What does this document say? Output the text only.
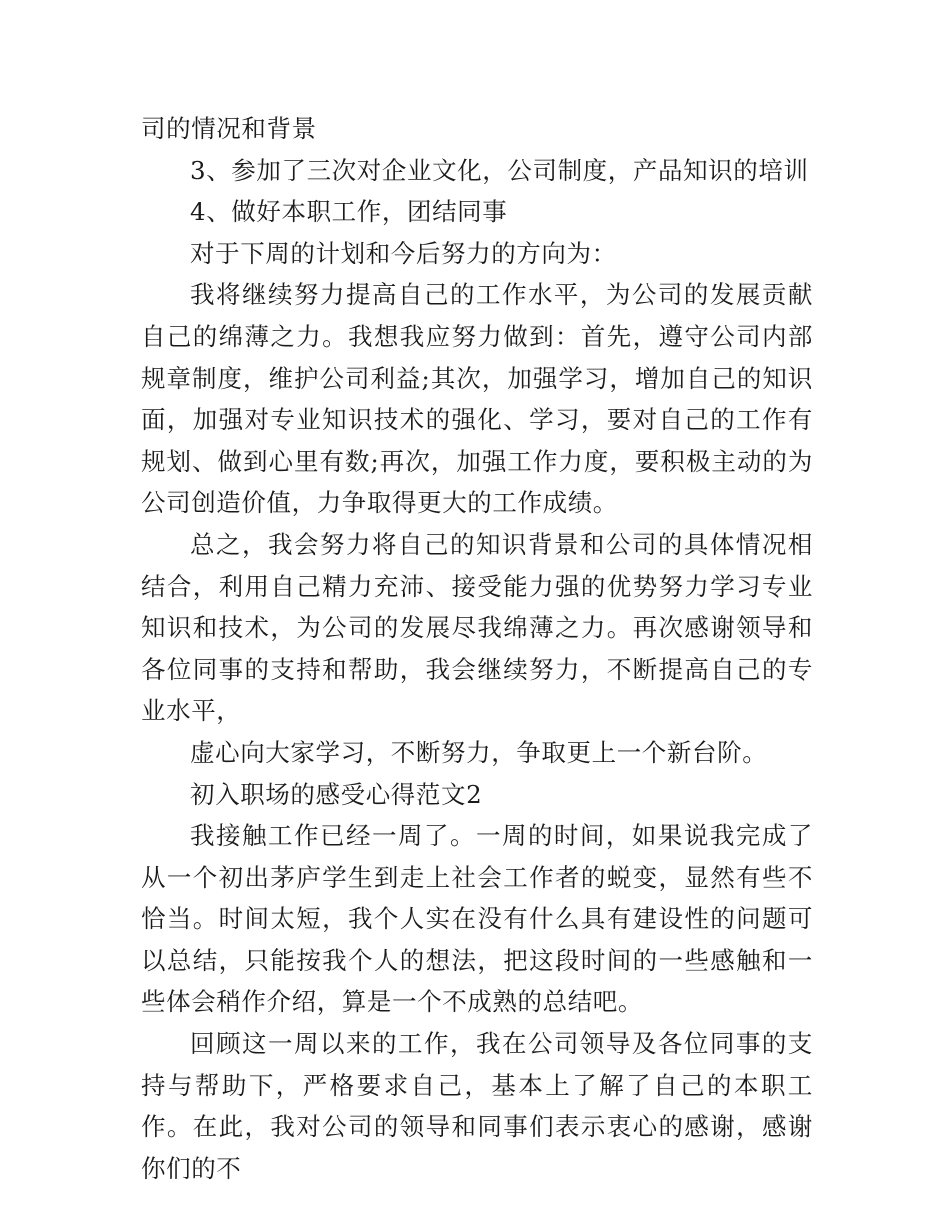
司的情况和背景

3、参加了三次对企业文化，公司制度，产品知识的培训

4、做好本职工作，团结同事

对于下周的计划和今后努力的方向为：

我将继续努力提高自己的工作水平，为公司的发展贡献自己的绵薄之力。我想我应努力做到：首先，遵守公司内部规章制度，维护公司利益;其次，加强学习，增加自己的知识面，加强对专业知识技术的强化、学习，要对自己的工作有规划、做到心里有数;再次，加强工作力度，要积极主动的为公司创造价值，力争取得更大的工作成绩。

总之，我会努力将自己的知识背景和公司的具体情况相结合，利用自己精力充沛、接受能力强的优势努力学习专业知识和技术，为公司的发展尽我绵薄之力。再次感谢领导和各位同事的支持和帮助，我会继续努力，不断提高自己的专业水平，

虚心向大家学习，不断努力，争取更上一个新台阶。

初入职场的感受心得范文2

我接触工作已经一周了。一周的时间，如果说我完成了从一个初出茅庐学生到走上社会工作者的蜕变，显然有些不恰当。时间太短，我个人实在没有什么具有建设性的问题可以总结，只能按我个人的想法，把这段时间的一些感触和一些体会稍作介绍，算是一个不成熟的总结吧。

回顾这一周以来的工作，我在公司领导及各位同事的支持与帮助下，严格要求自己，基本上了解了自己的本职工作。在此，我对公司的领导和同事们表示衷心的感谢，感谢你们的不
